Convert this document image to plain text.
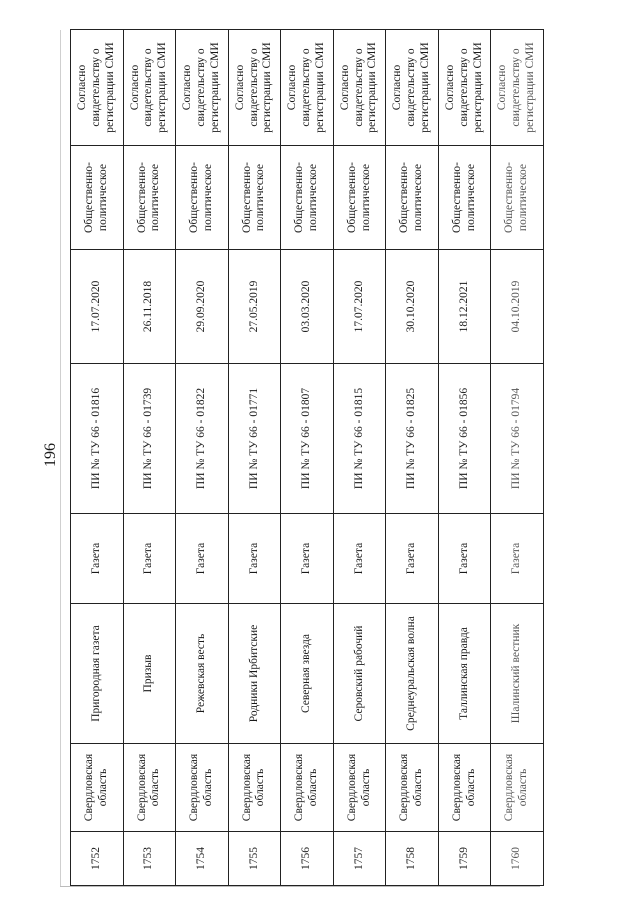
196
1752	Свердловская область	Пригородная газета	Газета	ПИ № ТУ 66 - 01816	17.07.2020	Общественно-политическое	Согласно свидетельству о регистрации СМИ
1753	Свердловская область	Призыв	Газета	ПИ № ТУ 66 - 01739	26.11.2018	Общественно-политическое	Согласно свидетельству о регистрации СМИ
1754	Свердловская область	Режевская весть	Газета	ПИ № ТУ 66 - 01822	29.09.2020	Общественно-политическое	Согласно свидетельству о регистрации СМИ
1755	Свердловская область	Родники Ирбитские	Газета	ПИ № ТУ 66 - 01771	27.05.2019	Общественно-политическое	Согласно свидетельству о регистрации СМИ
1756	Свердловская область	Северная звезда	Газета	ПИ № ТУ 66 - 01807	03.03.2020	Общественно-политическое	Согласно свидетельству о регистрации СМИ
1757	Свердловская область	Серовский рабочий	Газета	ПИ № ТУ 66 - 01815	17.07.2020	Общественно-политическое	Согласно свидетельству о регистрации СМИ
1758	Свердловская область	Среднеуральская волна	Газета	ПИ № ТУ 66 - 01825	30.10.2020	Общественно-политическое	Согласно свидетельству о регистрации СМИ
1759	Свердловская область	Таллинская правда	Газета	ПИ № ТУ 66 - 01856	18.12.2021	Общественно-политическое	Согласно свидетельству о регистрации СМИ
1760	Свердловская область	Шалинский вестник	Газета	ПИ № ТУ 66 - 01794	04.10.2019	Общественно-политическое	Согласно свидетельству о регистрации СМИ
